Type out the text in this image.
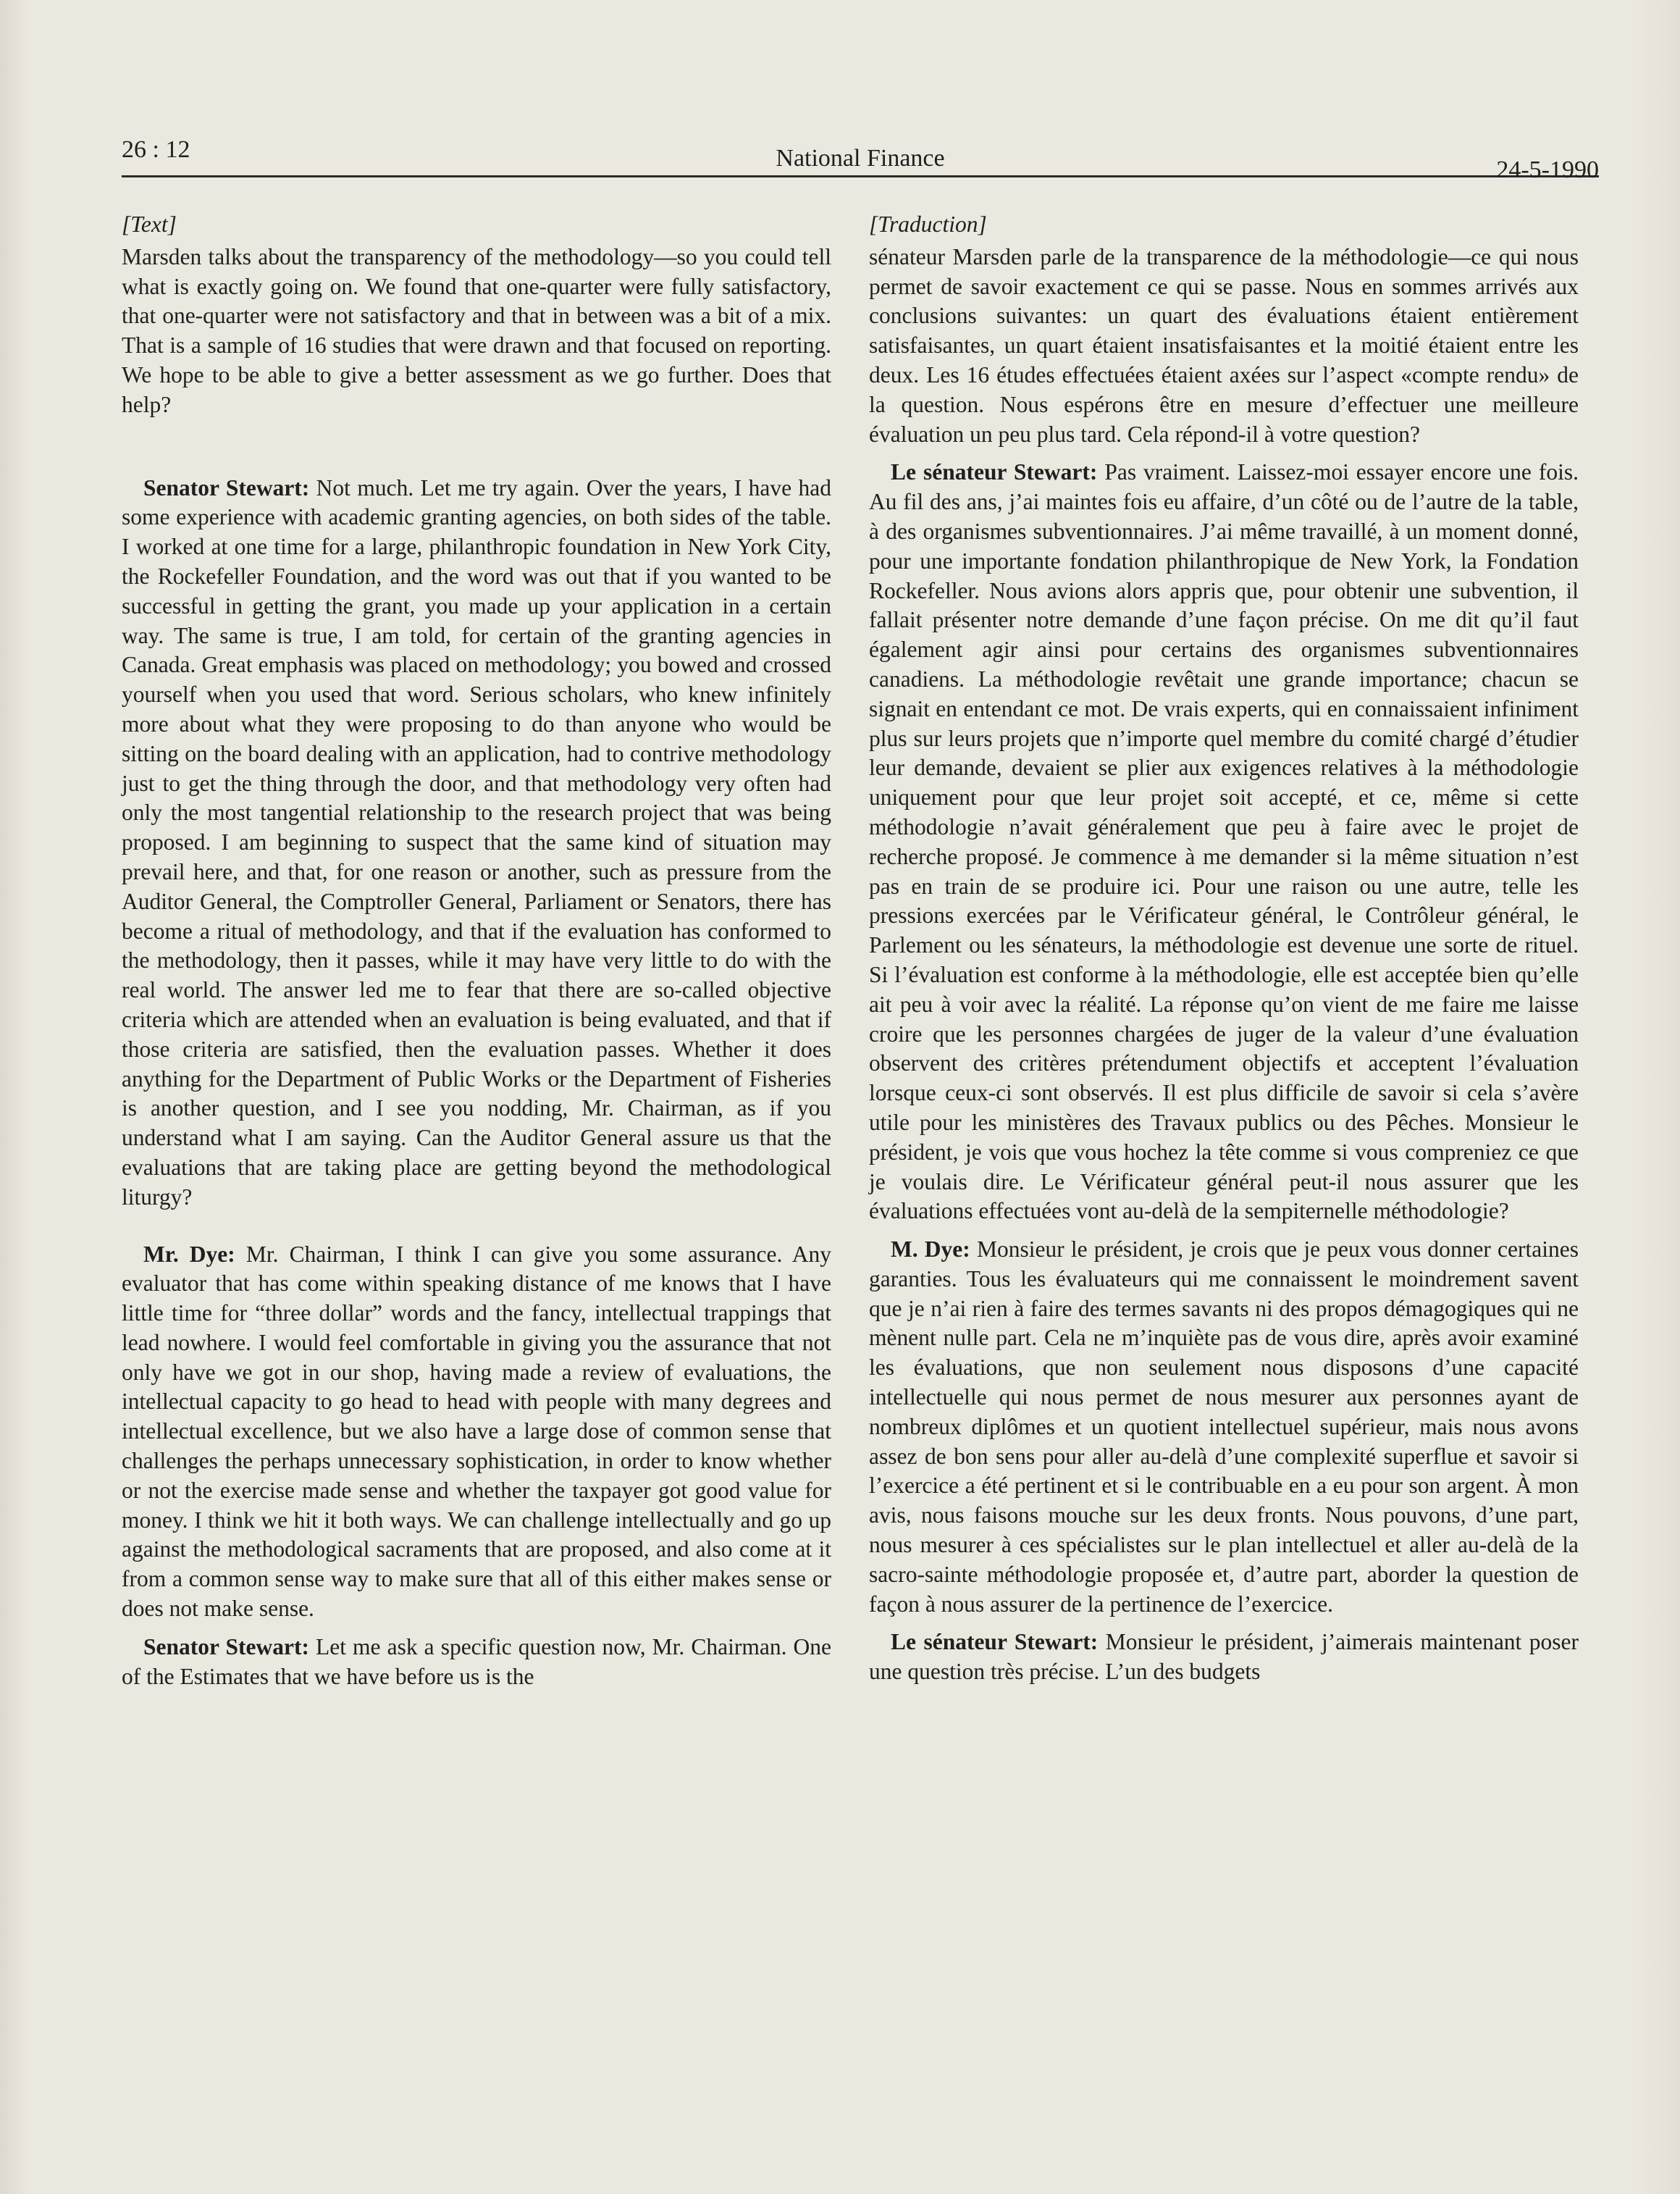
26 : 12	National Finance	24-5-1990

[Text]

Marsden talks about the transparency of the methodology—so you could tell what is exactly going on. We found that one-quarter were fully satisfactory, that one-quarter were not satisfactory and that in between was a bit of a mix. That is a sample of 16 studies that were drawn and that focused on reporting. We hope to be able to give a better assessment as we go further. Does that help?

Senator Stewart: Not much. Let me try again. Over the years, I have had some experience with academic granting agencies, on both sides of the table. I worked at one time for a large, philanthropic foundation in New York City, the Rockefeller Foundation, and the word was out that if you wanted to be successful in getting the grant, you made up your application in a certain way. The same is true, I am told, for certain of the granting agencies in Canada. Great emphasis was placed on methodology; you bowed and crossed yourself when you used that word. Serious scholars, who knew infinitely more about what they were proposing to do than anyone who would be sitting on the board dealing with an application, had to contrive methodology just to get the thing through the door, and that methodology very often had only the most tangential relationship to the research project that was being proposed. I am beginning to suspect that the same kind of situation may prevail here, and that, for one reason or another, such as pressure from the Auditor General, the Comptroller General, Parliament or Senators, there has become a ritual of methodology, and that if the evaluation has conformed to the methodology, then it passes, while it may have very little to do with the real world. The answer led me to fear that there are so-called objective criteria which are attended when an evaluation is being evaluated, and that if those criteria are satisfied, then the evaluation passes. Whether it does anything for the Department of Public Works or the Department of Fisheries is another question, and I see you nodding, Mr. Chairman, as if you understand what I am saying. Can the Auditor General assure us that the evaluations that are taking place are getting beyond the methodological liturgy?

Mr. Dye: Mr. Chairman, I think I can give you some assurance. Any evaluator that has come within speaking distance of me knows that I have little time for “three dollar” words and the fancy, intellectual trappings that lead nowhere. I would feel comfortable in giving you the assurance that not only have we got in our shop, having made a review of evaluations, the intellectual capacity to go head to head with people with many degrees and intellectual excellence, but we also have a large dose of common sense that challenges the perhaps unnecessary sophistication, in order to know whether or not the exercise made sense and whether the taxpayer got good value for money. I think we hit it both ways. We can challenge intellectually and go up against the methodological sacraments that are proposed, and also come at it from a common sense way to make sure that all of this either makes sense or does not make sense.

Senator Stewart: Let me ask a specific question now, Mr. Chairman. One of the Estimates that we have before us is the

[Traduction]

sénateur Marsden parle de la transparence de la méthodologie—ce qui nous permet de savoir exactement ce qui se passe. Nous en sommes arrivés aux conclusions suivantes: un quart des évaluations étaient entièrement satisfaisantes, un quart étaient insatisfaisantes et la moitié étaient entre les deux. Les 16 études effectuées étaient axées sur l’aspect «compte rendu» de la question. Nous espérons être en mesure d’effectuer une meilleure évaluation un peu plus tard. Cela répond-il à votre question?

Le sénateur Stewart: Pas vraiment. Laissez-moi essayer encore une fois. Au fil des ans, j’ai maintes fois eu affaire, d’un côté ou de l’autre de la table, à des organismes subventionnaires. J’ai même travaillé, à un moment donné, pour une importante fondation philanthropique de New York, la Fondation Rockefeller. Nous avions alors appris que, pour obtenir une subvention, il fallait présenter notre demande d’une façon précise. On me dit qu’il faut également agir ainsi pour certains des organismes subventionnaires canadiens. La méthodologie revêtait une grande importance; chacun se signait en entendant ce mot. De vrais experts, qui en connaissaient infiniment plus sur leurs projets que n’importe quel membre du comité chargé d’étudier leur demande, devaient se plier aux exigences relatives à la méthodologie uniquement pour que leur projet soit accepté, et ce, même si cette méthodologie n’avait généralement que peu à faire avec le projet de recherche proposé. Je commence à me demander si la même situation n’est pas en train de se produire ici. Pour une raison ou une autre, telle les pressions exercées par le Vérificateur général, le Contrôleur général, le Parlement ou les sénateurs, la méthodologie est devenue une sorte de rituel. Si l’évaluation est conforme à la méthodologie, elle est acceptée bien qu’elle ait peu à voir avec la réalité. La réponse qu’on vient de me faire me laisse croire que les personnes chargées de juger de la valeur d’une évaluation observent des critères prétendument objectifs et acceptent l’évaluation lorsque ceux-ci sont observés. Il est plus difficile de savoir si cela s’avère utile pour les ministères des Travaux publics ou des Pêches. Monsieur le président, je vois que vous hochez la tête comme si vous compreniez ce que je voulais dire. Le Vérificateur général peut-il nous assurer que les évaluations effectuées vont au-delà de la sempiternelle méthodologie?

M. Dye: Monsieur le président, je crois que je peux vous donner certaines garanties. Tous les évaluateurs qui me connaissent le moindrement savent que je n’ai rien à faire des termes savants ni des propos démagogiques qui ne mènent nulle part. Cela ne m’inquiète pas de vous dire, après avoir examiné les évaluations, que non seulement nous disposons d’une capacité intellectuelle qui nous permet de nous mesurer aux personnes ayant de nombreux diplômes et un quotient intellectuel supérieur, mais nous avons assez de bon sens pour aller au-delà d’une complexité superflue et savoir si l’exercice a été pertinent et si le contribuable en a eu pour son argent. À mon avis, nous faisons mouche sur les deux fronts. Nous pouvons, d’une part, nous mesurer à ces spécialistes sur le plan intellectuel et aller au-delà de la sacro-sainte méthodologie proposée et, d’autre part, aborder la question de façon à nous assurer de la pertinence de l’exercice.

Le sénateur Stewart: Monsieur le président, j’aimerais maintenant poser une question très précise. L’un des budgets
